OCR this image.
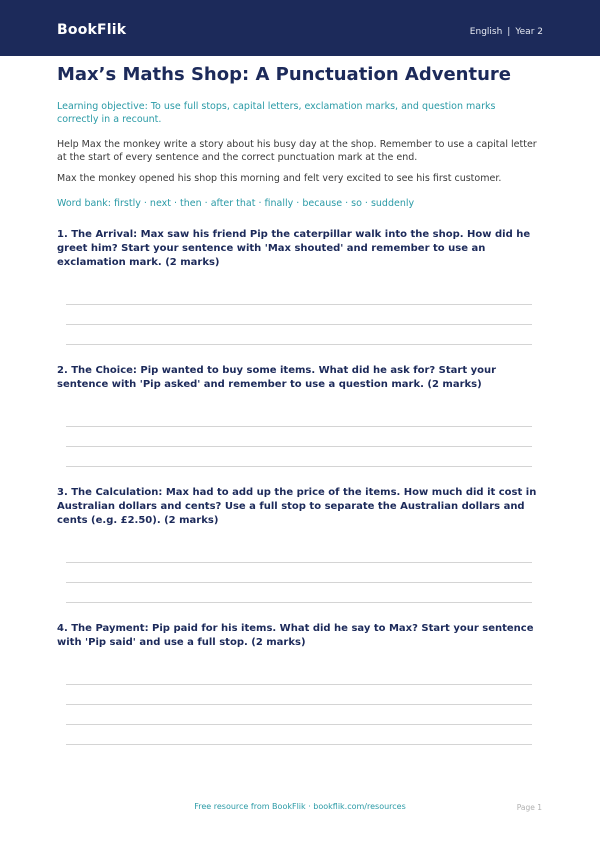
BookFlik	English | Year 2
Max’s Maths Shop: A Punctuation Adventure
Learning objective: To use full stops, capital letters, exclamation marks, and question marks correctly in a recount.
Help Max the monkey write a story about his busy day at the shop. Remember to use a capital letter at the start of every sentence and the correct punctuation mark at the end.
Max the monkey opened his shop this morning and felt very excited to see his first customer.
Word bank: firstly · next · then · after that · finally · because · so · suddenly
1. The Arrival: Max saw his friend Pip the caterpillar walk into the shop. How did he greet him? Start your sentence with 'Max shouted' and remember to use an exclamation mark. (2 marks)
2. The Choice: Pip wanted to buy some items. What did he ask for? Start your sentence with 'Pip asked' and remember to use a question mark. (2 marks)
3. The Calculation: Max had to add up the price of the items. How much did it cost in Australian dollars and cents? Use a full stop to separate the Australian dollars and cents (e.g. £2.50). (2 marks)
4. The Payment: Pip paid for his items. What did he say to Max? Start your sentence with 'Pip said' and use a full stop. (2 marks)
Free resource from BookFlik · bookflik.com/resources	Page 1
